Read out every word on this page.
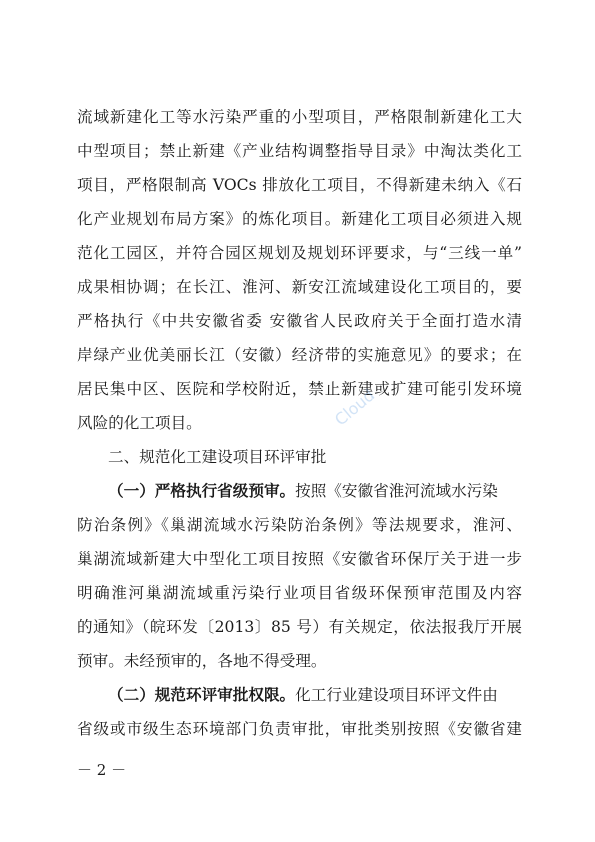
流域新建化工等水污染严重的小型项目，严格限制新建化工大
中型项目；禁止新建《产业结构调整指导目录》中淘汰类化工
项目，严格限制高 VOCs 排放化工项目，不得新建未纳入《石
化产业规划布局方案》的炼化项目。新建化工项目必须进入规
范化工园区，并符合园区规划及规划环评要求，与“三线一单”
成果相协调；在长江、淮河、新安江流域建设化工项目的，要
严格执行《中共安徽省委 安徽省人民政府关于全面打造水清
岸绿产业优美丽长江（安徽）经济带的实施意见》的要求；在
居民集中区、医院和学校附近，禁止新建或扩建可能引发环境
风险的化工项目。
二、规范化工建设项目环评审批
（一）严格执行省级预审。按照《安徽省淮河流域水污染
防治条例》《巢湖流域水污染防治条例》等法规要求，淮河、
巢湖流域新建大中型化工项目按照《安徽省环保厅关于进一步
明确淮河巢湖流域重污染行业项目省级环保预审范围及内容
的通知》（皖环发〔2013〕85 号）有关规定，依法报我厅开展
预审。未经预审的，各地不得受理。
（二）规范环评审批权限。化工行业建设项目环评文件由
省级或市级生态环境部门负责审批，审批类别按照《安徽省建
－ 2 －
Cloud
